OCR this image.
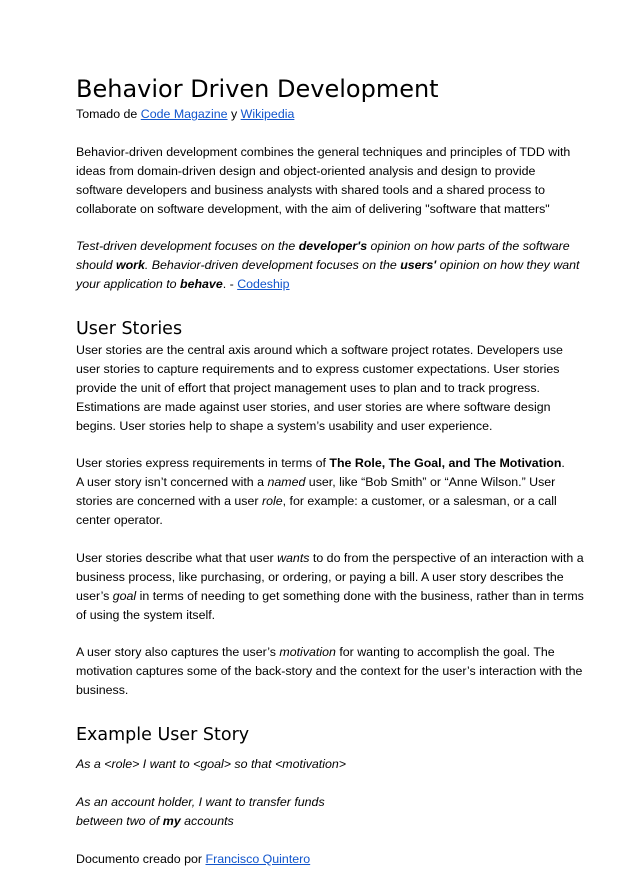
Behavior Driven Development

Tomado de Code Magazine y Wikipedia

Behavior-driven development combines the general techniques and principles of TDD with ideas from domain-driven design and object-oriented analysis and design to provide software developers and business analysts with shared tools and a shared process to collaborate on software development, with the aim of delivering "software that matters"

Test-driven development focuses on the developer's opinion on how parts of the software should work. Behavior-driven development focuses on the users' opinion on how they want your application to behave. - Codeship

User Stories

User stories are the central axis around which a software project rotates. Developers use user stories to capture requirements and to express customer expectations. User stories provide the unit of effort that project management uses to plan and to track progress. Estimations are made against user stories, and user stories are where software design begins. User stories help to shape a system’s usability and user experience.

User stories express requirements in terms of The Role, The Goal, and The Motivation.

A user story isn’t concerned with a named user, like “Bob Smith” or “Anne Wilson.” User stories are concerned with a user role, for example: a customer, or a salesman, or a call center operator.

User stories describe what that user wants to do from the perspective of an interaction with a business process, like purchasing, or ordering, or paying a bill. A user story describes the user’s goal in terms of needing to get something done with the business, rather than in terms of using the system itself.

A user story also captures the user’s motivation for wanting to accomplish the goal. The motivation captures some of the back-story and the context for the user’s interaction with the business.

Example User Story

As a <role> I want to <goal> so that <motivation>

As an account holder, I want to transfer funds

between two of my accounts

Documento creado por Francisco Quintero
